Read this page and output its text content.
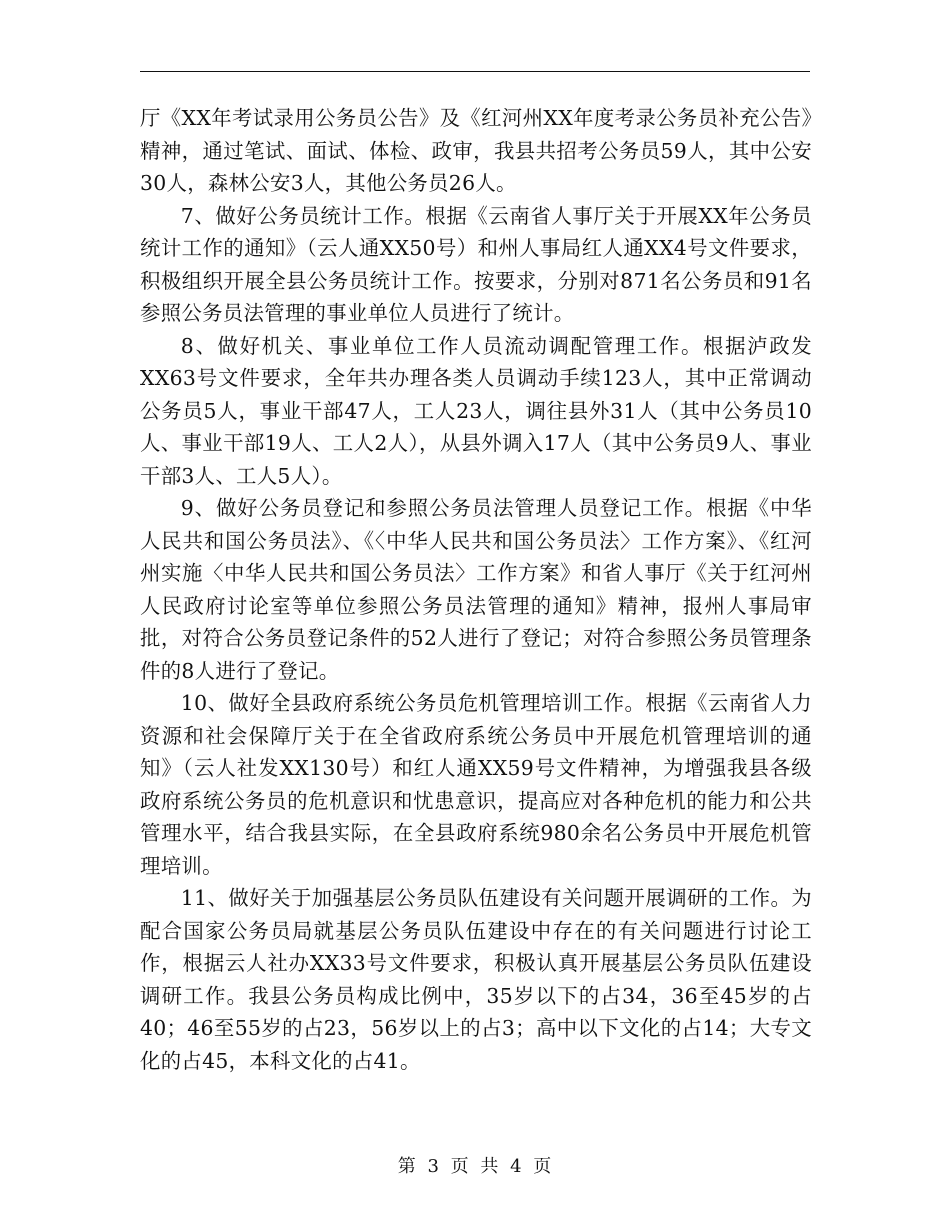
厅《XX年考试录用公务员公告》及《红河州XX年度考录公务员补充公告》精神，通过笔试、面试、体检、政审，我县共招考公务员59人，其中公安30人，森林公安3人，其他公务员26人。

7、做好公务员统计工作。根据《云南省人事厅关于开展XX年公务员统计工作的通知》（云人通XX50号）和州人事局红人通XX4号文件要求，积极组织开展全县公务员统计工作。按要求，分别对871名公务员和91名参照公务员法管理的事业单位人员进行了统计。

8、做好机关、事业单位工作人员流动调配管理工作。根据泸政发XX63号文件要求，全年共办理各类人员调动手续123人，其中正常调动公务员5人，事业干部47人，工人23人，调往县外31人（其中公务员10人、事业干部19人、工人2人），从县外调入17人（其中公务员9人、事业干部3人、工人5人）。

9、做好公务员登记和参照公务员法管理人员登记工作。根据《中华人民共和国公务员法》、《〈中华人民共和国公务员法〉工作方案》、《红河州实施〈中华人民共和国公务员法〉工作方案》和省人事厅《关于红河州人民政府讨论室等单位参照公务员法管理的通知》精神，报州人事局审批，对符合公务员登记条件的52人进行了登记；对符合参照公务员管理条件的8人进行了登记。

10、做好全县政府系统公务员危机管理培训工作。根据《云南省人力资源和社会保障厅关于在全省政府系统公务员中开展危机管理培训的通知》（云人社发XX130号）和红人通XX59号文件精神，为增强我县各级政府系统公务员的危机意识和忧患意识，提高应对各种危机的能力和公共管理水平，结合我县实际，在全县政府系统980余名公务员中开展危机管理培训。

11、做好关于加强基层公务员队伍建设有关问题开展调研的工作。为配合国家公务员局就基层公务员队伍建设中存在的有关问题进行讨论工作，根据云人社办XX33号文件要求，积极认真开展基层公务员队伍建设调研工作。我县公务员构成比例中，35岁以下的占34，36至45岁的占40；46至55岁的占23，56岁以上的占3；高中以下文化的占14；大专文化的占45，本科文化的占41。

第 3 页 共 4 页
